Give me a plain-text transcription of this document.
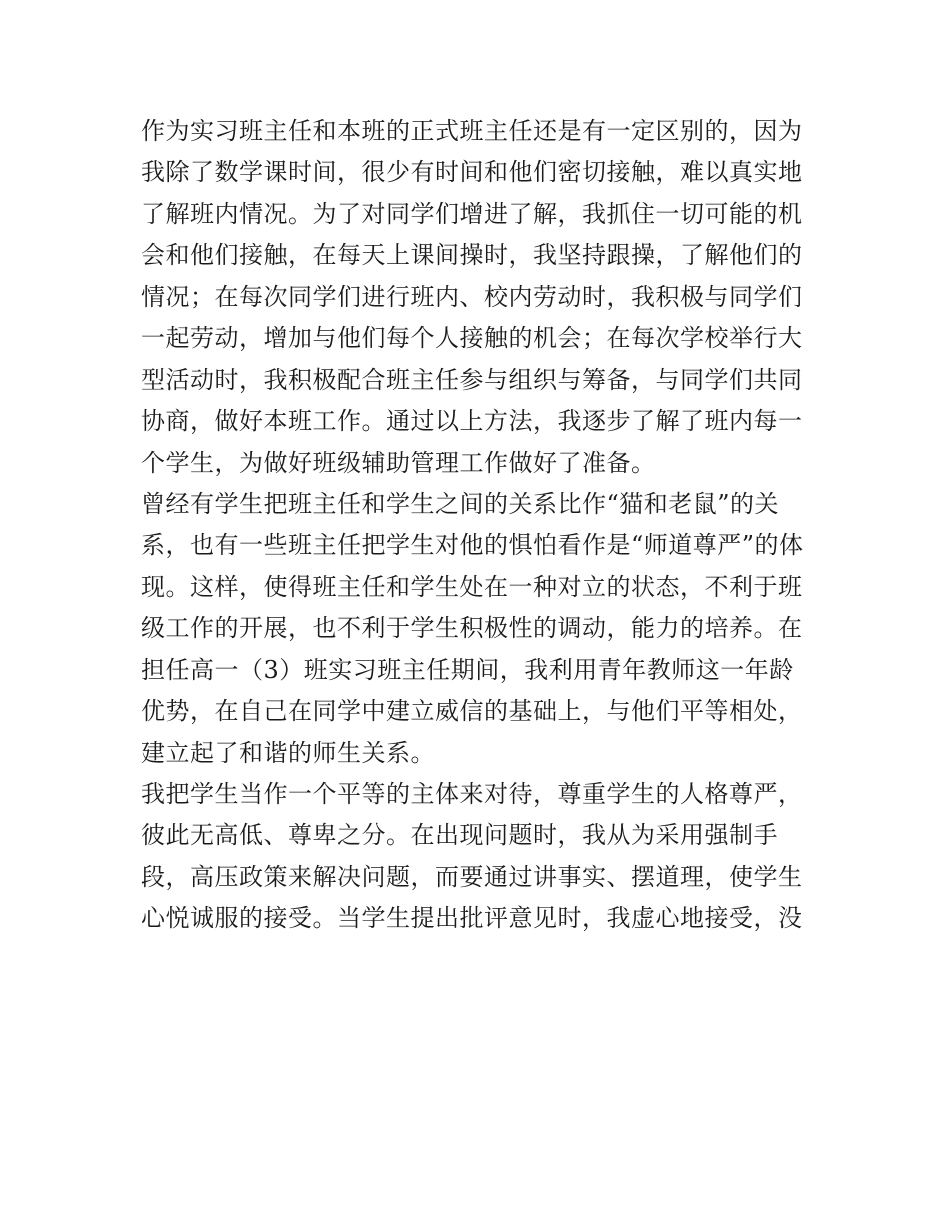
作为实习班主任和本班的正式班主任还是有一定区别的，因为
我除了数学课时间，很少有时间和他们密切接触，难以真实地
了解班内情况。为了对同学们增进了解，我抓住一切可能的机
会和他们接触，在每天上课间操时，我坚持跟操，了解他们的
情况；在每次同学们进行班内、校内劳动时，我积极与同学们
一起劳动，增加与他们每个人接触的机会；在每次学校举行大
型活动时，我积极配合班主任参与组织与筹备，与同学们共同
协商，做好本班工作。通过以上方法，我逐步了解了班内每一
个学生，为做好班级辅助管理工作做好了准备。
曾经有学生把班主任和学生之间的关系比作“猫和老鼠”的关
系，也有一些班主任把学生对他的惧怕看作是“师道尊严”的体
现。这样，使得班主任和学生处在一种对立的状态，不利于班
级工作的开展，也不利于学生积极性的调动，能力的培养。在
担任高一（3）班实习班主任期间，我利用青年教师这一年龄
优势，在自己在同学中建立威信的基础上，与他们平等相处，
建立起了和谐的师生关系。
我把学生当作一个平等的主体来对待，尊重学生的人格尊严，
彼此无高低、尊卑之分。在出现问题时，我从为采用强制手
段，高压政策来解决问题，而要通过讲事实、摆道理，使学生
心悦诚服的接受。当学生提出批评意见时，我虚心地接受，没
